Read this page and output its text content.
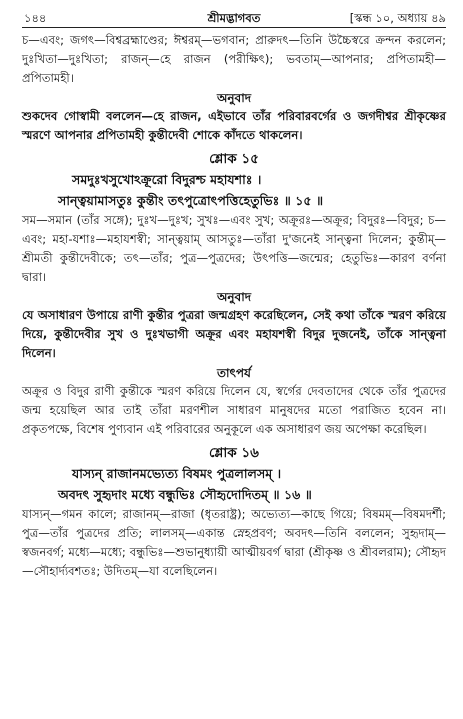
১৪৪	শ্রীমদ্ভাগবত	[স্কন্ধ ১০, অধ্যায় ৪৯

চ—এবং; জগৎ—বিশ্বব্রহ্মাণ্ডের; ঈশ্বরম্—ভগবান; প্রারুদৎ—তিনি উচ্চৈস্বরে ক্রন্দন করলেন; দুঃখিতা—দুঃখিতা; রাজন্—হে রাজন (পরীক্ষিৎ); ভবতাম্—আপনার; প্রপিতামহী—প্রপিতামহী।

অনুবাদ

শুকদেব গোস্বামী বললেন—হে রাজন, এইভাবে তাঁর পরিবারবর্গের ও জগদীশ্বর শ্রীকৃষ্ণের স্মরণে আপনার প্রপিতামহী কুন্তীদেবী শোকে কাঁদতে থাকলেন।

শ্লোক ১৫

সমদুঃখসুখোঽক্রূরো বিদুরশ্চ মহাযশাঃ ।
সান্ত্বয়ামাসতুঃ কুন্তীং তৎপুত্রোৎপত্তিহেতুভিঃ ॥ ১৫ ॥

সম—সমান (তাঁর সঙ্গে); দুঃখ—দুঃখ; সুখঃ—এবং সুখ; অক্রূরঃ—অক্রূর; বিদুরঃ—বিদুর; চ—এবং; মহা-যশাঃ—মহাযশস্বী; সান্ত্বয়াম্ আসতুঃ—তাঁরা দু'জনেই সান্ত্বনা দিলেন; কুন্তীম্—শ্রীমতী কুন্তীদেবীকে; তৎ—তাঁর; পুত্র—পুত্রদের; উৎপত্তি—জন্মের; হেতুভিঃ—কারণ বর্ণনা দ্বারা।

অনুবাদ

যে অসাধারণ উপায়ে রাণী কুন্তীর পুত্ররা জন্মগ্রহণ করেছিলেন, সেই কথা তাঁকে স্মরণ করিয়ে দিয়ে, কুন্তীদেবীর সুখ ও দুঃখভাগী অক্রূর এবং মহাযশস্বী বিদুর দুজনেই, তাঁকে সান্ত্বনা দিলেন।

তাৎপর্য

অক্রূর ও বিদুর রাণী কুন্তীকে স্মরণ করিয়ে দিলেন যে, স্বর্গের দেবতাদের থেকে তাঁর পুত্রদের জন্ম হয়েছিল আর তাই তাঁরা মরণশীল সাধারণ মানুষদের মতো পরাজিত হবেন না। প্রকৃতপক্ষে, বিশেষ পুণ্যবান এই পরিবারের অনুকূলে এক অসাধারণ জয় অপেক্ষা করেছিল।

শ্লোক ১৬

যাস্যন্ রাজানমভ্যেত্য বিষমং পুত্রলালসম্ ।
অবদৎ সুহৃদাং মধ্যে বন্ধুভিঃ সৌহৃদোদিতম্ ॥ ১৬ ॥

যাস্যন্—গমন কালে; রাজানম্—রাজা (ধৃতরাষ্ট্র); অভ্যেত্য—কাছে গিয়ে; বিষমম্—বিষমদর্শী; পুত্র—তাঁর পুত্রদের প্রতি; লালসম্—একান্ত স্নেহপ্রবণ; অবদৎ—তিনি বললেন; সুহৃদাম্—স্বজনবর্গ; মধ্যে—মধ্যে; বন্ধুভিঃ—শুভানুধ্যায়ী আত্মীয়বর্গ দ্বারা (শ্রীকৃষ্ণ ও শ্রীবলরাম); সৌহৃদ—সৌহার্দ্যবশতঃ; উদিতম্—যা বলেছিলেন।
